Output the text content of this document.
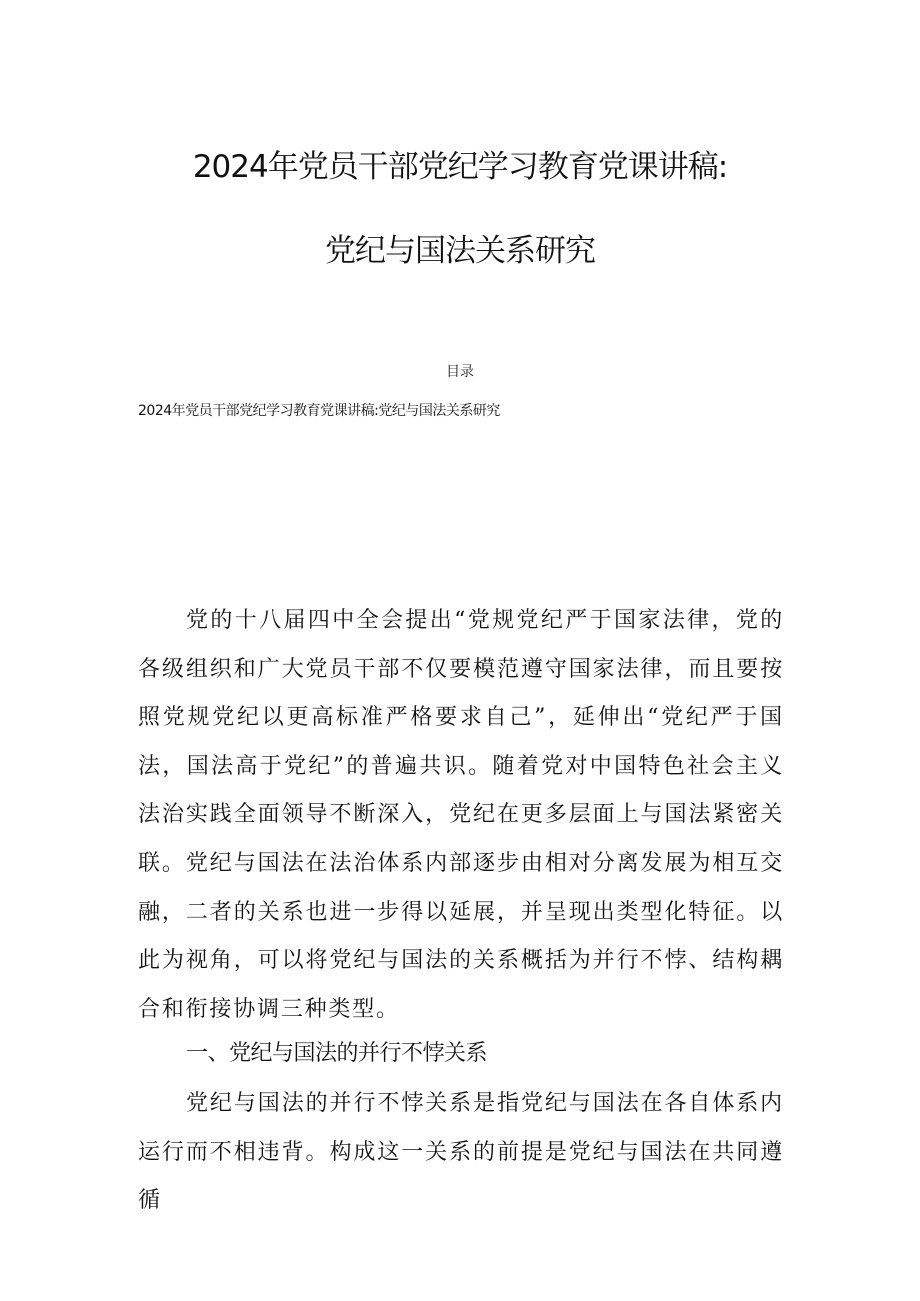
2024年党员干部党纪学习教育党课讲稿:
党纪与国法关系研究
目录
2024年党员干部党纪学习教育党课讲稿:党纪与国法关系研究
党的十八届四中全会提出“党规党纪严于国家法律，党的各级组织和广大党员干部不仅要模范遵守国家法律，而且要按照党规党纪以更高标准严格要求自己”，延伸出“党纪严于国法，国法高于党纪”的普遍共识。随着党对中国特色社会主义法治实践全面领导不断深入，党纪在更多层面上与国法紧密关联。党纪与国法在法治体系内部逐步由相对分离发展为相互交融，二者的关系也进一步得以延展，并呈现出类型化特征。以此为视角，可以将党纪与国法的关系概括为并行不悖、结构耦合和衔接协调三种类型。
一、党纪与国法的并行不悖关系
党纪与国法的并行不悖关系是指党纪与国法在各自体系内运行而不相违背。构成这一关系的前提是党纪与国法在共同遵循
